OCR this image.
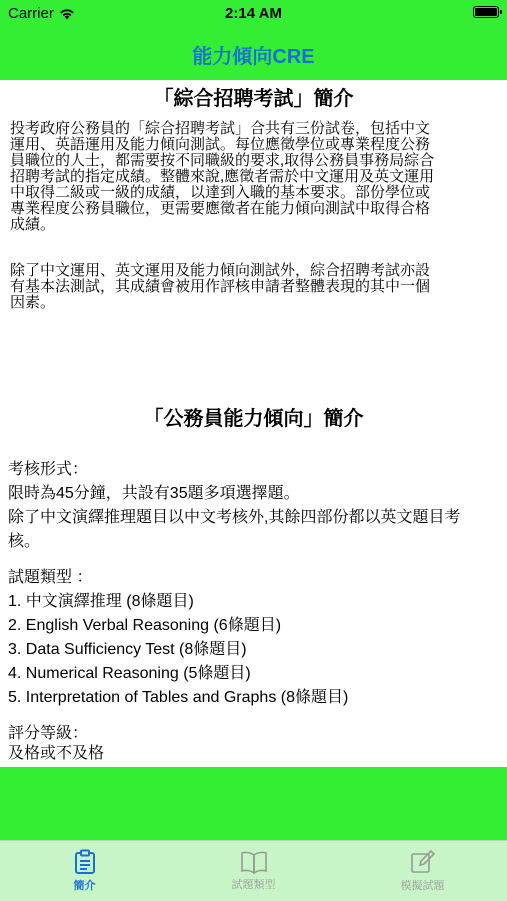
Carrier	2:14 AM
能力傾向CRE
「綜合招聘考試」簡介

投考政府公務員的「綜合招聘考試」合共有三份試卷，包括中文

運用、英語運用及能力傾向測試。每位應徵學位或專業程度公務

員職位的人士，都需要按不同職級的要求,取得公務員事務局綜合

招聘考試的指定成績。整體來說,應徵者需於中文運用及英文運用

中取得二級或一級的成績，以達到入職的基本要求。部份學位或

專業程度公務員職位，更需要應徵者在能力傾向測試中取得合格

成績。

除了中文運用、英文運用及能力傾向測試外，綜合招聘考試亦設

有基本法測試，其成績會被用作評核申請者整體表現的其中一個

因素。

「公務員能力傾向」簡介

考核形式：

限時為45分鐘，共設有35題多項選擇題。

除了中文演繹推理題目以中文考核外,其餘四部份都以英文題目考

核。

試題類型 ：

1. 中文演繹推理 (8條題目)

2. English Verbal Reasoning (6條題目)

3. Data Sufficiency Test (8條題目)

4. Numerical Reasoning (5條題目)

5. Interpretation of Tables and Graphs (8條題目)

評分等級：

及格或不及格

簡介	試題類型	模擬試題
